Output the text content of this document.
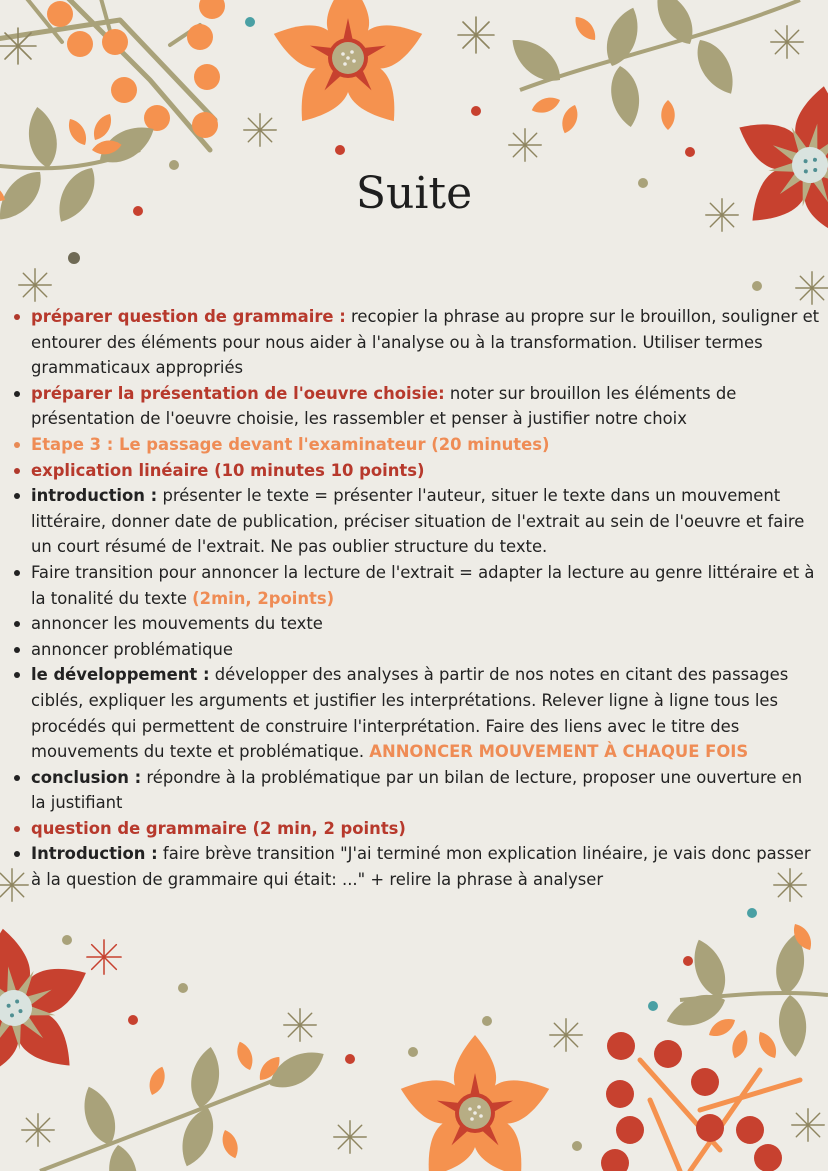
Suite
préparer question de grammaire : recopier la phrase au propre sur le brouillon, souligner et entourer des éléments pour nous aider à l'analyse ou à la transformation. Utiliser termes grammaticaux appropriés
préparer la présentation de l'oeuvre choisie: noter sur brouillon les éléments de présentation de l'oeuvre choisie, les rassembler et penser à justifier notre choix
Etape 3 : Le passage devant l'examinateur (20 minutes)
explication linéaire (10 minutes 10 points)
introduction : présenter le texte = présenter l'auteur, situer le texte dans un mouvement littéraire, donner date de publication, préciser situation de l'extrait au sein de l'oeuvre et faire un court résumé de l'extrait. Ne pas oublier structure du texte.
Faire transition pour annoncer la lecture de l'extrait = adapter la lecture au genre littéraire et à la tonalité du texte (2min, 2points)
annoncer les mouvements du texte
annoncer problématique
le développement : développer des analyses à partir de nos notes en citant des passages ciblés, expliquer les arguments et justifier les interprétations. Relever ligne à ligne tous les procédés qui permettent de construire l'interprétation. Faire des liens avec le titre des mouvements du texte et problématique. ANNONCER MOUVEMENT À CHAQUE FOIS
conclusion : répondre à la problématique par un bilan de lecture, proposer une ouverture en la justifiant
question de grammaire (2 min, 2 points)
Introduction : faire brève transition "J'ai terminé mon explication linéaire, je vais donc passer à la question de grammaire qui était: ..." + relire la phrase à analyser
